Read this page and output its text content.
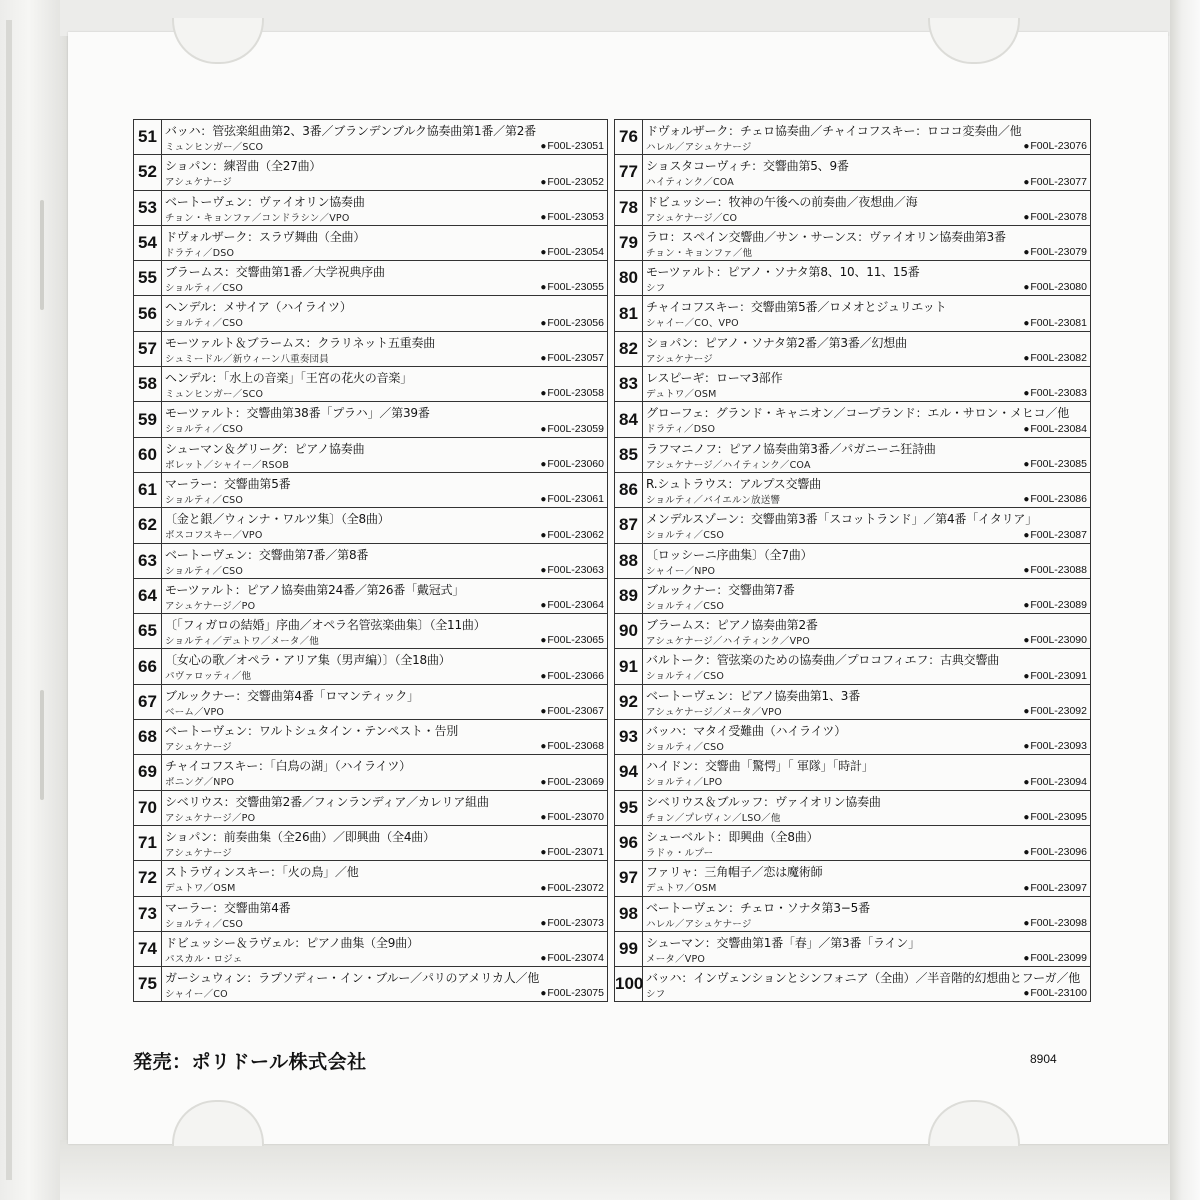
51	バッハ：管弦楽組曲第2、3番／ブランデンブルク協奏曲第1番／第2番
ミュンヒンガー／SCO ●F00L-23051

52	ショパン：練習曲（全27曲）
アシュケナージ ●F00L-23052

53	ベートーヴェン：ヴァイオリン協奏曲
チョン・キョンファ／コンドラシン／VPO ●F00L-23053

54	ドヴォルザーク：スラヴ舞曲（全曲）
ドラティ／DSO ●F00L-23054

55	ブラームス：交響曲第1番／大学祝典序曲
ショルティ／CSO ●F00L-23055

56	ヘンデル：メサイア（ハイライツ）
ショルティ／CSO ●F00L-23056

57	モーツァルト＆ブラームス：クラリネット五重奏曲
シュミードル／新ウィーン八重奏団員 ●F00L-23057

58	ヘンデル：「水上の音楽」「王宮の花火の音楽」
ミュンヒンガー／SCO ●F00L-23058

59	モーツァルト：交響曲第38番「プラハ」／第39番
ショルティ／CSO ●F00L-23059

60	シューマン＆グリーグ：ピアノ協奏曲
ボレット／シャイー／RSOB ●F00L-23060

61	マーラー：交響曲第5番
ショルティ／CSO ●F00L-23061

62	〔金と銀／ウィンナ・ワルツ集〕（全8曲）
ボスコフスキー／VPO ●F00L-23062

63	ベートーヴェン：交響曲第7番／第8番
ショルティ／CSO ●F00L-23063

64	モーツァルト：ピアノ協奏曲第24番／第26番「戴冠式」
アシュケナージ／PO ●F00L-23064

65	〔「フィガロの結婚」序曲／オペラ名管弦楽曲集〕（全11曲）
ショルティ／デュトワ／メータ／他 ●F00L-23065

66	〔女心の歌／オペラ・アリア集（男声編）〕（全18曲）
パヴァロッティ／他 ●F00L-23066

67	ブルックナー：交響曲第4番「ロマンティック」
ベーム／VPO ●F00L-23067

68	ベートーヴェン：ワルトシュタイン・テンペスト・告別
アシュケナージ ●F00L-23068

69	チャイコフスキー：「白鳥の湖」（ハイライツ）
ボニング／NPO ●F00L-23069

70	シベリウス：交響曲第2番／フィンランディア／カレリア組曲
アシュケナージ／PO ●F00L-23070

71	ショパン：前奏曲集（全26曲）／即興曲（全4曲）
アシュケナージ ●F00L-23071

72	ストラヴィンスキー：「火の鳥」／他
デュトワ／OSM ●F00L-23072

73	マーラー：交響曲第4番
ショルティ／CSO ●F00L-23073

74	ドビュッシー＆ラヴェル：ピアノ曲集（全9曲）
パスカル・ロジェ ●F00L-23074

75	ガーシュウィン：ラプソディー・イン・ブルー／パリのアメリカ人／他
シャイー／CO ●F00L-23075
76	ドヴォルザーク：チェロ協奏曲／チャイコフスキー：ロココ変奏曲／他
ハレル／アシュケナージ ●F00L-23076

77	ショスタコーヴィチ：交響曲第5、9番
ハイティンク／COA ●F00L-23077

78	ドビュッシー：牧神の午後への前奏曲／夜想曲／海
アシュケナージ／CO ●F00L-23078

79	ラロ：スペイン交響曲／サン・サーンス：ヴァイオリン協奏曲第3番
チョン・キョンファ／他 ●F00L-23079

80	モーツァルト：ピアノ・ソナタ第8、10、11、15番
シフ ●F00L-23080

81	チャイコフスキー：交響曲第5番／ロメオとジュリエット
シャイー／CO、VPO ●F00L-23081

82	ショパン：ピアノ・ソナタ第2番／第3番／幻想曲
アシュケナージ ●F00L-23082

83	レスピーギ：ローマ3部作
デュトワ／OSM ●F00L-23083

84	グローフェ：グランド・キャニオン／コープランド：エル・サロン・メヒコ／他
ドラティ／DSO ●F00L-23084

85	ラフマニノフ：ピアノ協奏曲第3番／パガニーニ狂詩曲
アシュケナージ／ハイティンク／COA ●F00L-23085

86	R.シュトラウス：アルプス交響曲
ショルティ／バイエルン放送響 ●F00L-23086

87	メンデルスゾーン：交響曲第3番「スコットランド」／第4番「イタリア」
ショルティ／CSO ●F00L-23087

88	〔ロッシーニ序曲集〕（全7曲）
シャイー／NPO ●F00L-23088

89	ブルックナー：交響曲第7番
ショルティ／CSO ●F00L-23089

90	ブラームス：ピアノ協奏曲第2番
アシュケナージ／ハイティンク／VPO ●F00L-23090

91	バルトーク：管弦楽のための協奏曲／プロコフィエフ：古典交響曲
ショルティ／CSO ●F00L-23091

92	ベートーヴェン：ピアノ協奏曲第1、3番
アシュケナージ／メータ／VPO ●F00L-23092

93	バッハ：マタイ受難曲（ハイライツ）
ショルティ／CSO ●F00L-23093

94	ハイドン：交響曲「驚愕」「 軍隊」「時計」
ショルティ／LPO ●F00L-23094

95	シベリウス＆ブルッフ：ヴァイオリン協奏曲
チョン／プレヴィン／LSO／他 ●F00L-23095

96	シューベルト：即興曲（全8曲）
ラドゥ・ルプー ●F00L-23096

97	ファリャ：三角帽子／恋は魔術師
デュトワ／OSM ●F00L-23097

98	ベートーヴェン：チェロ・ソナタ第3−5番
ハレル／アシュケナージ ●F00L-23098

99	シューマン：交響曲第1番「春」／第3番「ライン」
メータ／VPO ●F00L-23099

100	バッハ：インヴェンションとシンフォニア（全曲）／半音階的幻想曲とフーガ／他
シフ ●F00L-23100
発売：ポリドール株式会社	8904
